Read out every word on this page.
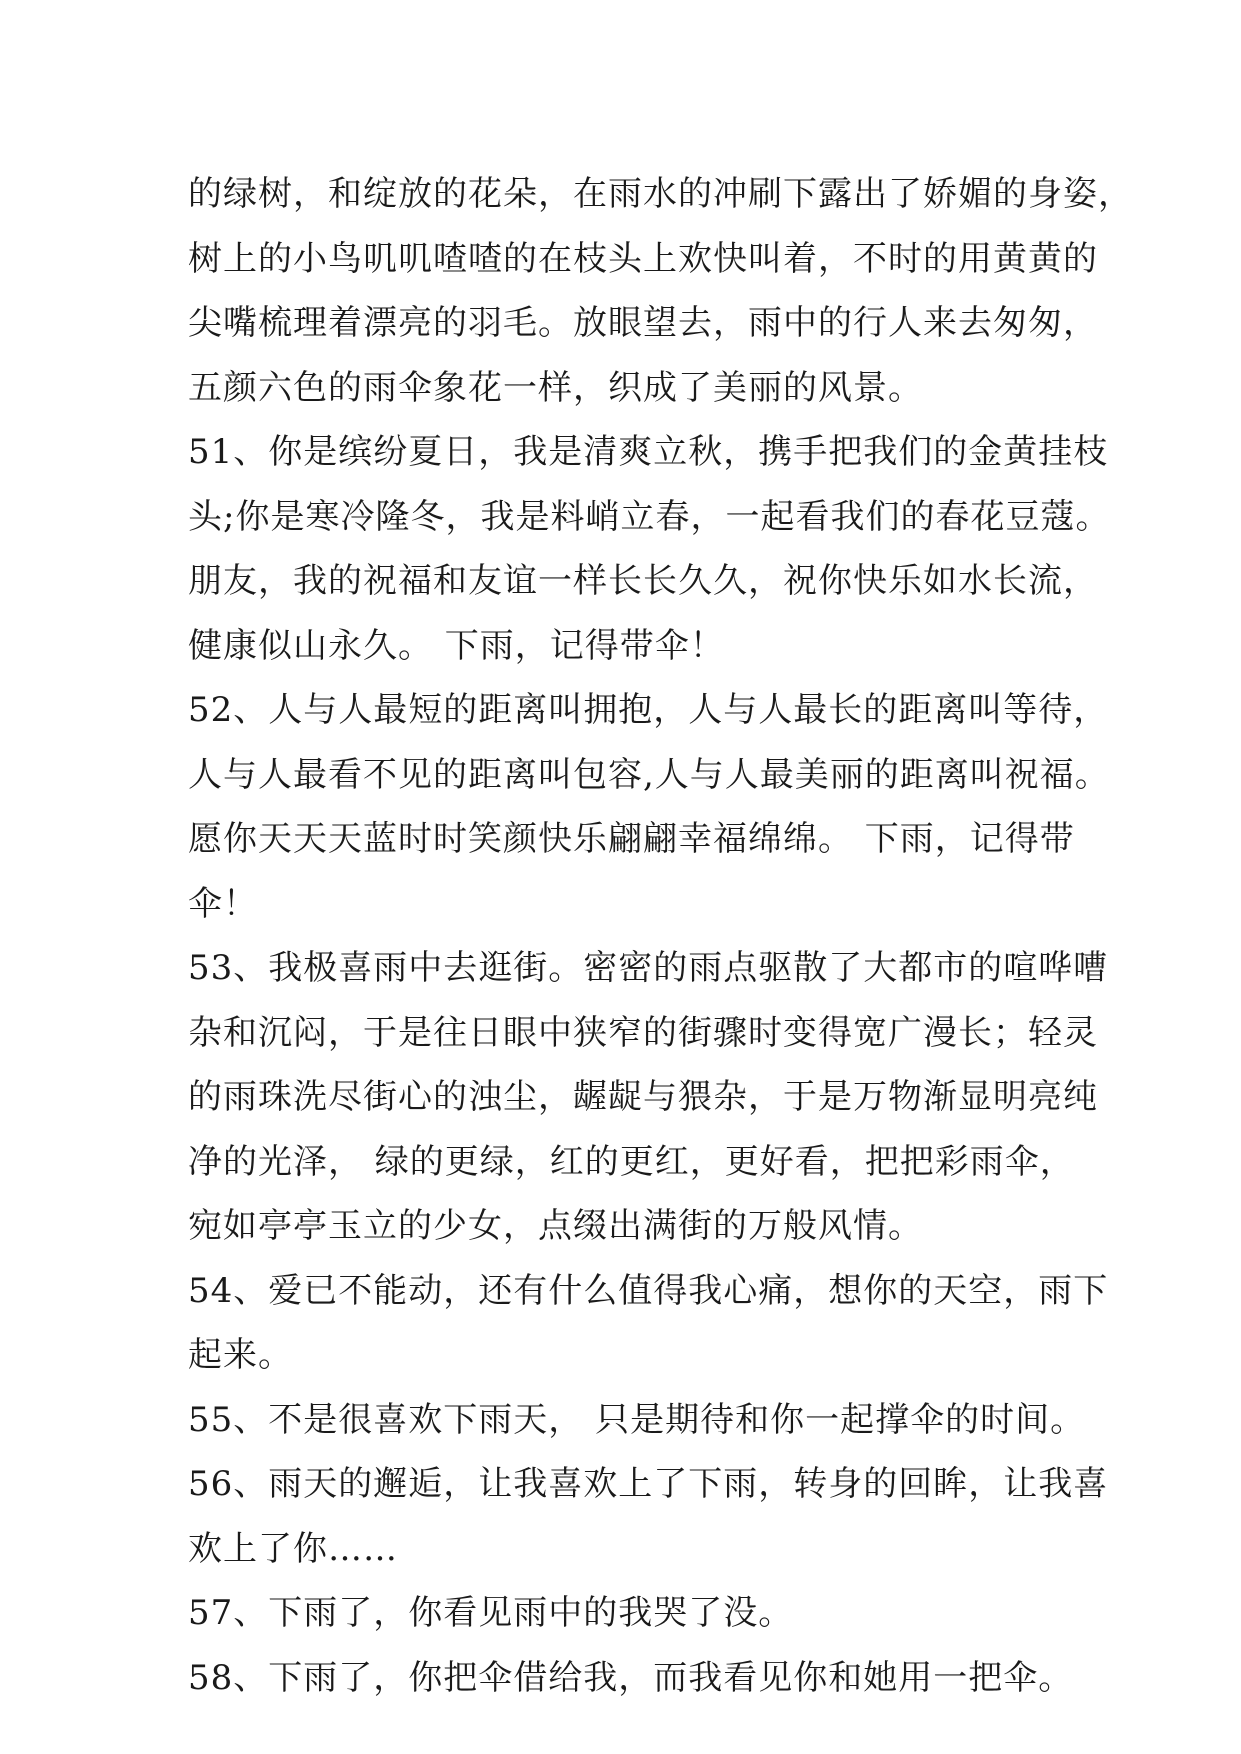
的绿树，和绽放的花朵，在雨水的冲刷下露出了娇媚的身姿，
树上的小鸟叽叽喳喳的在枝头上欢快叫着，不时的用黄黄的
尖嘴梳理着漂亮的羽毛。放眼望去，雨中的行人来去匆匆，
五颜六色的雨伞象花一样，织成了美丽的风景。
51、你是缤纷夏日，我是清爽立秋，携手把我们的金黄挂枝
头;你是寒冷隆冬，我是料峭立春，一起看我们的春花豆蔻。
朋友，我的祝福和友谊一样长长久久，祝你快乐如水长流，
健康似山永久。 下雨，记得带伞！
52、人与人最短的距离叫拥抱，人与人最长的距离叫等待，
人与人最看不见的距离叫包容,人与人最美丽的距离叫祝福。
愿你天天天蓝时时笑颜快乐翩翩幸福绵绵。 下雨，记得带
伞！
53、我极喜雨中去逛街。密密的雨点驱散了大都市的喧哗嘈
杂和沉闷，于是往日眼中狭窄的街骤时变得宽广漫长；轻灵
的雨珠洗尽街心的浊尘，龌龊与猥杂，于是万物渐显明亮纯
净的光泽， 绿的更绿，红的更红，更好看，把把彩雨伞，
宛如亭亭玉立的少女，点缀出满街的万般风情。
54、爱已不能动，还有什么值得我心痛，想你的天空，雨下
起来。
55、不是很喜欢下雨天， 只是期待和你一起撑伞的时间。
56、雨天的邂逅，让我喜欢上了下雨，转身的回眸，让我喜
欢上了你……
57、下雨了，你看见雨中的我哭了没。
58、下雨了，你把伞借给我，而我看见你和她用一把伞。
